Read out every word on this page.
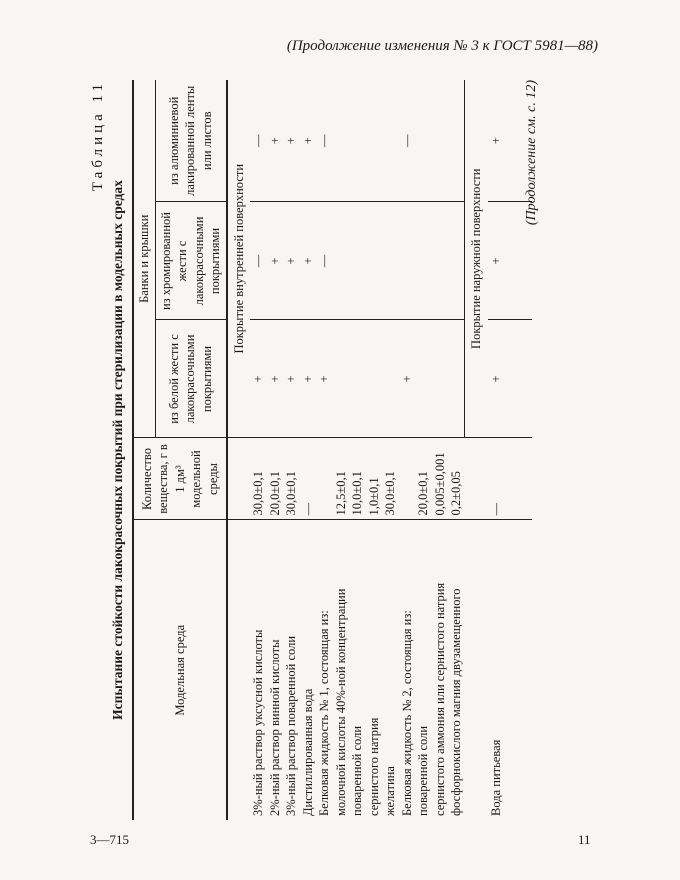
(Продолжение изменения № 3 к ГОСТ 5981—88)
Таблица 11
Испытание стойкости лакокрасочных покрытий при стерилизации в модельных средах	Модельная среда	Количество вещества, г в 1 дм³ модельной среды	Банки и крышки		
		из белой жести с лакокрасочными покрытиями	из хромированной жести с лакокрасочными покрытиями	из алюминиевой лакированной ленты или листов
		Покрытие внутренней поверхности		

3%-ный раствор уксусной кислоты	30,0±0,1	+	—	—
2%-ный раствор винной кислоты	20,0±0,1	+	+	+
3%-ный раствор поваренной соли	30,0±0,1	+	+	+
Дистиллированная вода	—	+	+	+
Белковая жидкость № 1, состоящая из:		+	—	—
молочной кислоты 40%-ной концентрации	12,5±0,1			
поваренной соли	10,0±0,1			
сернистого натрия	1,0±0,1			
желатина	30,0±0,1			
Белковая жидкость № 2, состоящая из:		+		—
поваренной соли	20,0±0,1			
сернистого аммония или сернистого натрия	0,005±0,001			
фосфорнокислого магния двузамещенного	0,2±0,05			
		Покрытие наружной поверхности		
Вода питьевая	—	+	+	+
				(Продолжение см. с. 12)
3—715	11
